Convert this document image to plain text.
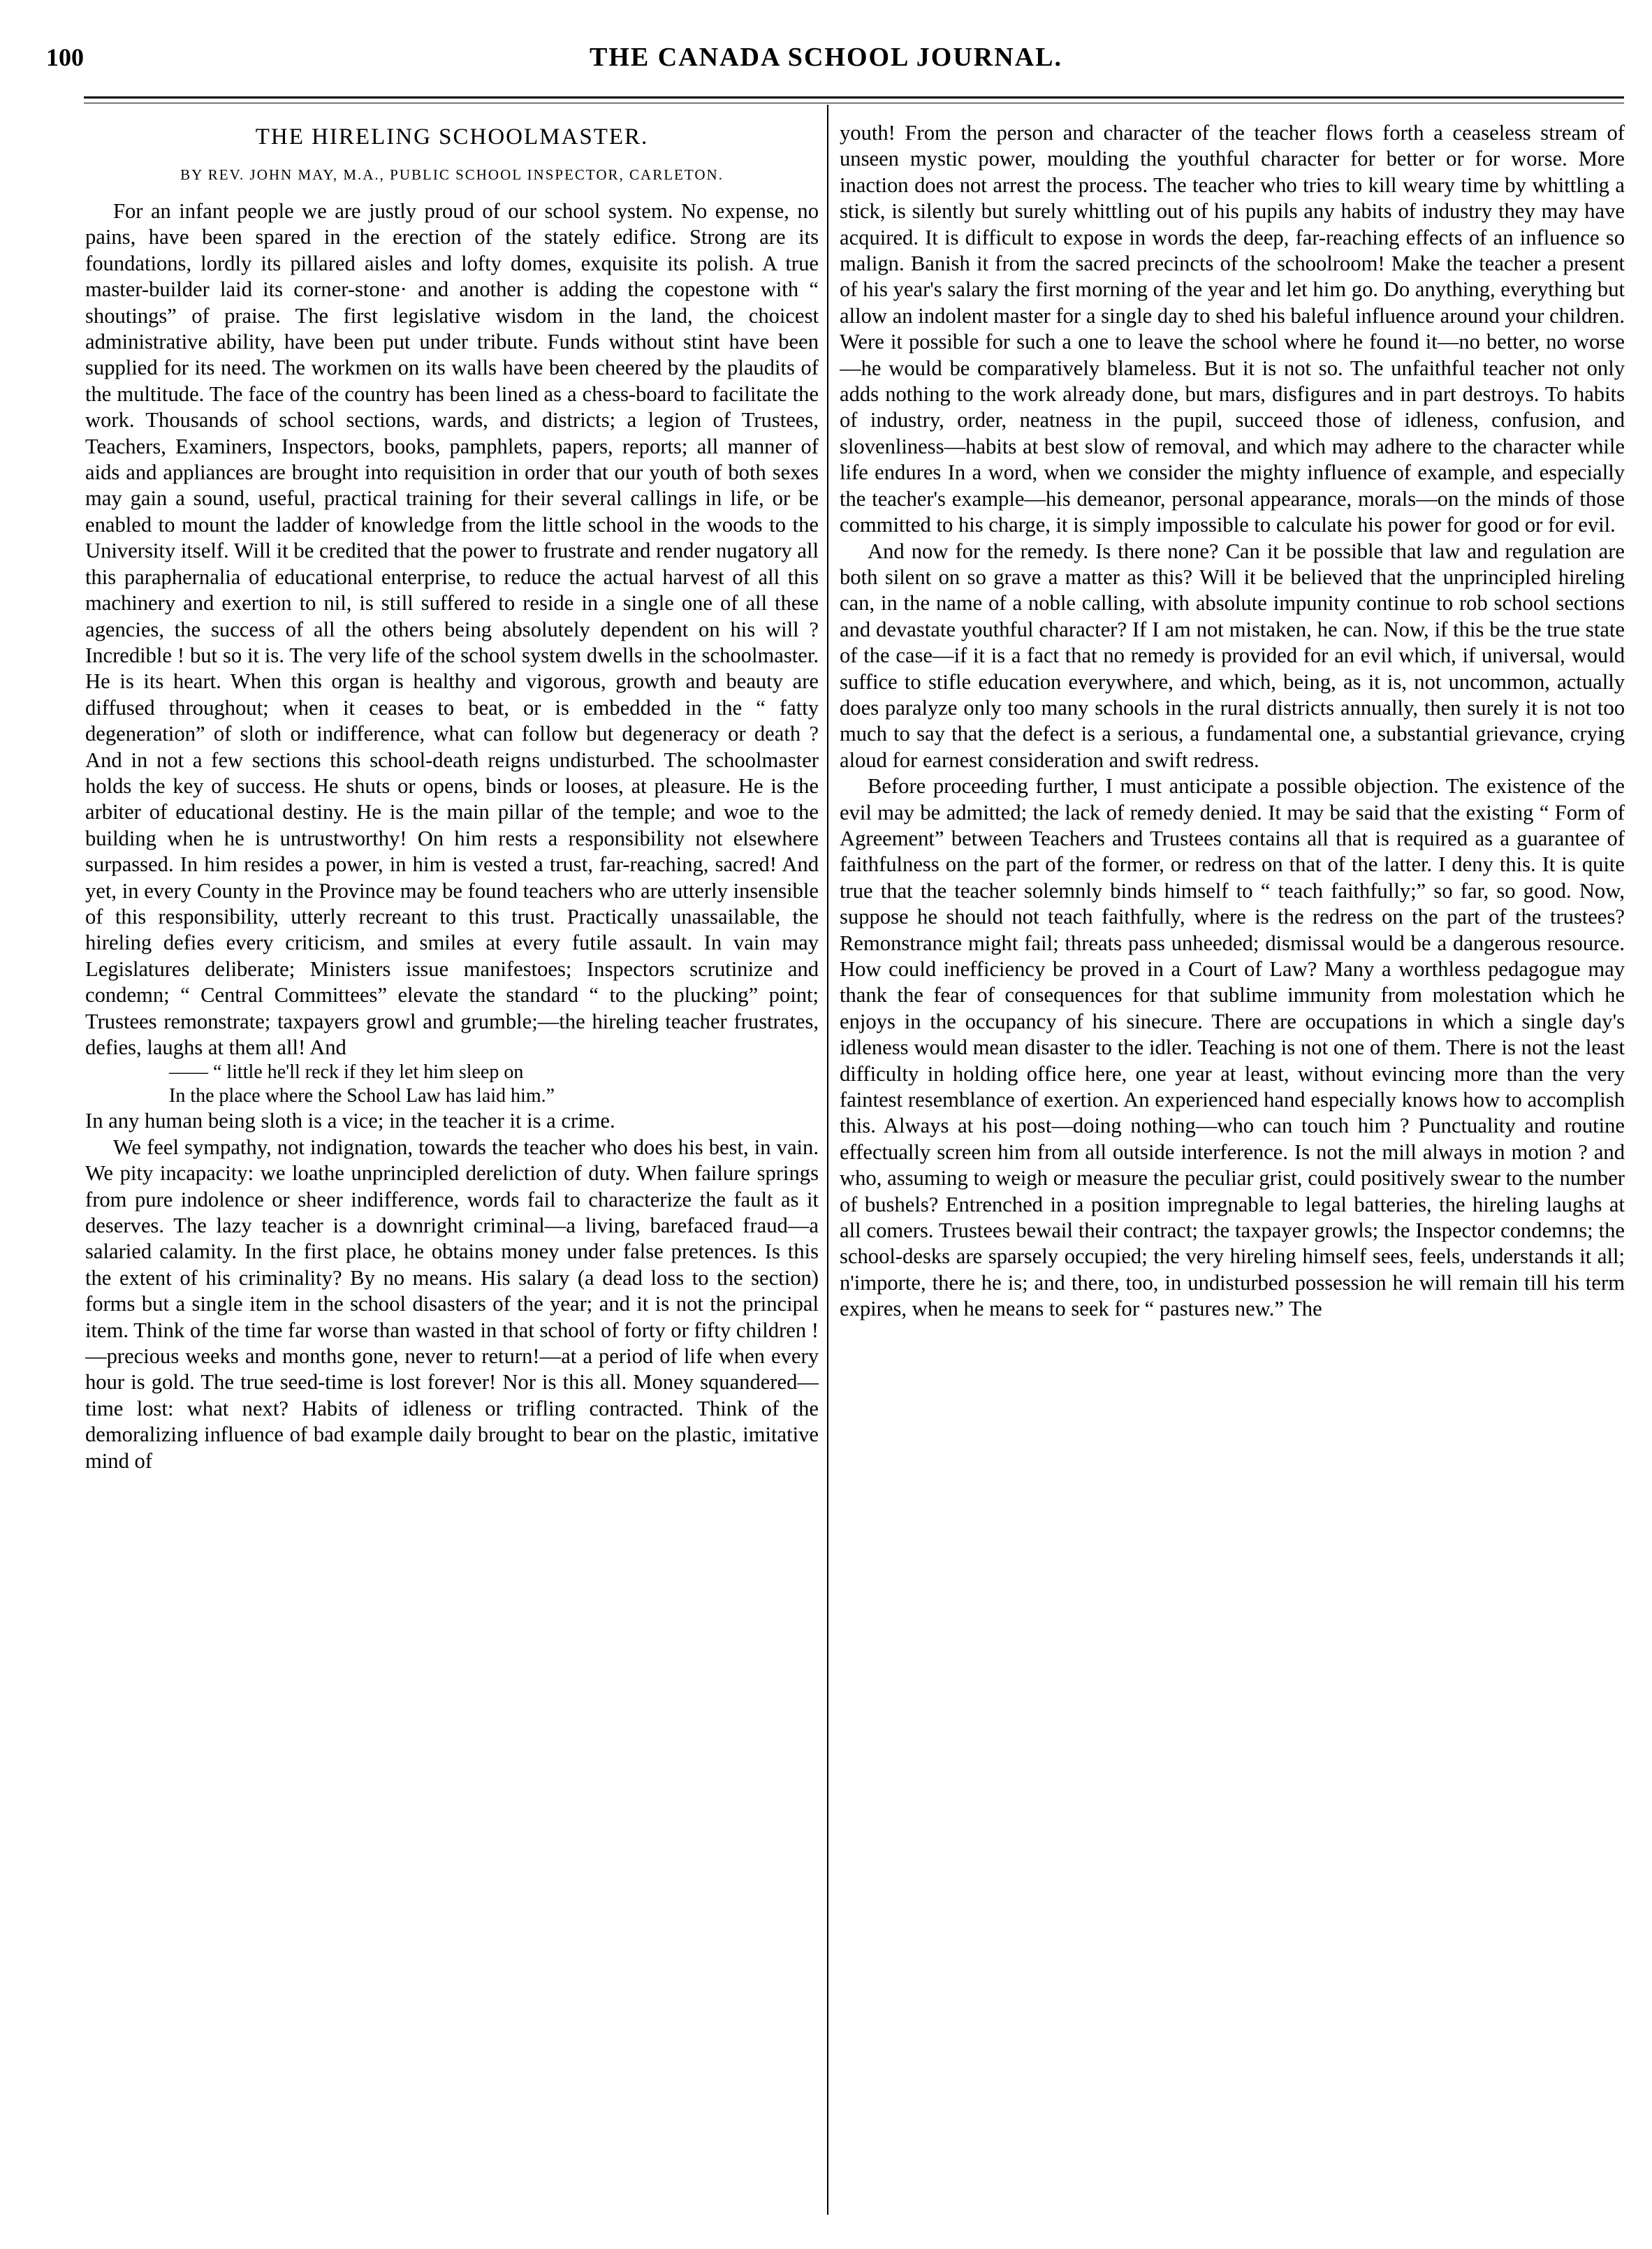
100	THE CANADA SCHOOL JOURNAL.
THE HIRELING SCHOOLMASTER.
BY REV. JOHN MAY, M.A., PUBLIC SCHOOL INSPECTOR, CARLETON.

For an infant people we are justly proud of our school system. No expense, no pains, have been spared in the erection of the stately edifice. Strong are its foundations, lordly its pillared aisles and lofty domes, exquisite its polish. A true master-builder laid its corner-stone· and another is adding the copestone with “ shoutings” of praise. The first legislative wisdom in the land, the choicest administrative ability, have been put under tribute. Funds without stint have been supplied for its need. The workmen on its walls have been cheered by the plaudits of the multitude. The face of the country has been lined as a chess-board to facilitate the work. Thousands of school sections, wards, and districts; a legion of Trustees, Teachers, Examiners, Inspectors, books, pamphlets, papers, reports; all manner of aids and appliances are brought into requisition in order that our youth of both sexes may gain a sound, useful, practical training for their several callings in life, or be enabled to mount the ladder of knowledge from the little school in the woods to the University itself. Will it be credited that the power to frustrate and render nugatory all this paraphernalia of educational enterprise, to reduce the actual harvest of all this machinery and exertion to nil, is still suffered to reside in a single one of all these agencies, the success of all the others being absolutely dependent on his will ? Incredible ! but so it is. The very life of the school system dwells in the schoolmaster. He is its heart. When this organ is healthy and vigorous, growth and beauty are diffused throughout; when it ceases to beat, or is embedded in the “ fatty degeneration” of sloth or indifference, what can follow but degeneracy or death ? And in not a few sections this school-death reigns undisturbed. The schoolmaster holds the key of success. He shuts or opens, binds or looses, at pleasure. He is the arbiter of educational destiny. He is the main pillar of the temple; and woe to the building when he is untrustworthy! On him rests a responsibility not elsewhere surpassed. In him resides a power, in him is vested a trust, far-reaching, sacred! And yet, in every County in the Province may be found teachers who are utterly insensible of this responsibility, utterly recreant to this trust. Practically unassailable, the hireling defies every criticism, and smiles at every futile assault. In vain may Legislatures deliberate; Ministers issue manifestoes; Inspectors scrutinize and condemn; “ Central Committees” elevate the standard “ to the plucking” point; Trustees remonstrate; taxpayers growl and grumble;—the hireling teacher frustrates, defies, laughs at them all! And

—— “ little he'll reck if they let him sleep on
In the place where the School Law has laid him.”

In any human being sloth is a vice; in the teacher it is a crime.

We feel sympathy, not indignation, towards the teacher who does his best, in vain. We pity incapacity: we loathe unprincipled dereliction of duty. When failure springs from pure indolence or sheer indifference, words fail to characterize the fault as it deserves. The lazy teacher is a downright criminal—a living, barefaced fraud—a salaried calamity. In the first place, he obtains money under false pretences. Is this the extent of his criminality? By no means. His salary (a dead loss to the section) forms but a single item in the school disasters of the year; and it is not the principal item. Think of the time far worse than wasted in that school of forty or fifty children !—precious weeks and months gone, never to return!—at a period of life when every hour is gold. The true seed-time is lost forever! Nor is this all. Money squandered—time lost: what next? Habits of idleness or trifling contracted. Think of the demoralizing influence of bad example daily brought to bear on the plastic, imitative mind of

youth! From the person and character of the teacher flows forth a ceaseless stream of unseen mystic power, moulding the youthful character for better or for worse. More inaction does not arrest the process. The teacher who tries to kill weary time by whittling a stick, is silently but surely whittling out of his pupils any habits of industry they may have acquired. It is difficult to expose in words the deep, far-reaching effects of an influence so malign. Banish it from the sacred precincts of the schoolroom! Make the teacher a present of his year's salary the first morning of the year and let him go. Do anything, everything but allow an indolent master for a single day to shed his baleful influence around your children. Were it possible for such a one to leave the school where he found it—no better, no worse—he would be comparatively blameless. But it is not so. The unfaithful teacher not only adds nothing to the work already done, but mars, disfigures and in part destroys. To habits of industry, order, neatness in the pupil, succeed those of idleness, confusion, and slovenliness—habits at best slow of removal, and which may adhere to the character while life endures In a word, when we consider the mighty influence of example, and especially the teacher's example—his demeanor, personal appearance, morals—on the minds of those committed to his charge, it is simply impossible to calculate his power for good or for evil.

And now for the remedy. Is there none? Can it be possible that law and regulation are both silent on so grave a matter as this? Will it be believed that the unprincipled hireling can, in the name of a noble calling, with absolute impunity continue to rob school sections and devastate youthful character? If I am not mistaken, he can. Now, if this be the true state of the case—if it is a fact that no remedy is provided for an evil which, if universal, would suffice to stifle education everywhere, and which, being, as it is, not uncommon, actually does paralyze only too many schools in the rural districts annually, then surely it is not too much to say that the defect is a serious, a fundamental one, a substantial grievance, crying aloud for earnest consideration and swift redress.

Before proceeding further, I must anticipate a possible objection. The existence of the evil may be admitted; the lack of remedy denied. It may be said that the existing “ Form of Agreement” between Teachers and Trustees contains all that is required as a guarantee of faithfulness on the part of the former, or redress on that of the latter. I deny this. It is quite true that the teacher solemnly binds himself to “ teach faithfully;” so far, so good. Now, suppose he should not teach faithfully, where is the redress on the part of the trustees? Remonstrance might fail; threats pass unheeded; dismissal would be a dangerous resource. How could inefficiency be proved in a Court of Law? Many a worthless pedagogue may thank the fear of consequences for that sublime immunity from molestation which he enjoys in the occupancy of his sinecure. There are occupations in which a single day's idleness would mean disaster to the idler. Teaching is not one of them. There is not the least difficulty in holding office here, one year at least, without evincing more than the very faintest resemblance of exertion. An experienced hand especially knows how to accomplish this. Always at his post—doing nothing—who can touch him ? Punctuality and routine effectually screen him from all outside interference. Is not the mill always in motion ? and who, assuming to weigh or measure the peculiar grist, could positively swear to the number of bushels? Entrenched in a position impregnable to legal batteries, the hireling laughs at all comers. Trustees bewail their contract; the taxpayer growls; the Inspector condemns; the school-desks are sparsely occupied; the very hireling himself sees, feels, understands it all; n'importe, there he is; and there, too, in undisturbed possession he will remain till his term expires, when he means to seek for “ pastures new.” The
